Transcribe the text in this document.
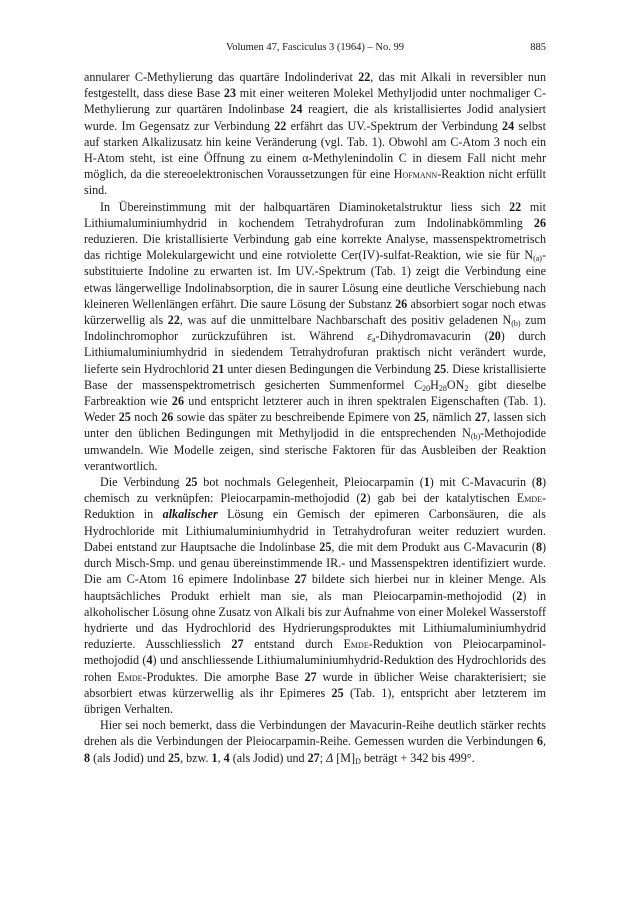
Volumen 47, Fasciculus 3 (1964) – No. 99	885

annularer C-Methylierung das quartäre Indolinderivat 22, das mit Alkali in reversibler nun festgestellt, dass diese Base 23 mit einer weiteren Molekel Methyljodid unter nochmaliger C-Methylierung zur quartären Indolinbase 24 reagiert, die als kristallisiertes Jodid analysiert wurde. Im Gegensatz zur Verbindung 22 erfährt das UV.-Spektrum der Verbindung 24 selbst auf starken Alkalizusatz hin keine Veränderung (vgl. Tab. 1). Obwohl am C-Atom 3 noch ein H-Atom steht, ist eine Öffnung zu einem α-Methylenindolin C in diesem Fall nicht mehr möglich, da die stereoelektronischen Voraussetzungen für eine Hofmann-Reaktion nicht erfüllt sind.

In Übereinstimmung mit der halbquartären Diaminoketalstruktur liess sich 22 mit Lithiumaluminiumhydrid in kochendem Tetrahydrofuran zum Indolinabkömmling 26 reduzieren. Die kristallisierte Verbindung gab eine korrekte Analyse, massenspektrometrisch das richtige Molekulargewicht und eine rotviolette Cer(IV)-sulfat-Reaktion, wie sie für $N_{(a)}$-substituierte Indoline zu erwarten ist. Im UV.-Spektrum (Tab. 1) zeigt die Verbindung eine etwas längerwellige Indolinabsorption, die in saurer Lösung eine deutliche Verschiebung nach kleineren Wellenlängen erfährt. Die saure Lösung der Substanz 26 absorbiert sogar noch etwas kürzerwellig als 22, was auf die unmittelbare Nachbarschaft des positiv geladenen $N_{(b)}$ zum Indolinchromophor zurückzuführen ist. Während $\varepsilon_a$-Dihydromavacurin (20) durch Lithiumaluminiumhydrid in siedendem Tetrahydrofuran praktisch nicht verändert wurde, lieferte sein Hydrochlorid 21 unter diesen Bedingungen die Verbindung 25. Diese kristallisierte Base der massenspektrometrisch gesicherten Summenformel $C_{20}H_{28}ON_2$ gibt dieselbe Farbreaktion wie 26 und entspricht letzterer auch in ihren spektralen Eigenschaften (Tab. 1). Weder 25 noch 26 sowie das später zu beschreibende Epimere von 25, nämlich 27, lassen sich unter den üblichen Bedingungen mit Methyljodid in die entsprechenden $N_{(b)}$-Methojodide umwandeln. Wie Modelle zeigen, sind sterische Faktoren für das Ausbleiben der Reaktion verantwortlich.

Die Verbindung 25 bot nochmals Gelegenheit, Pleiocarpamin (1) mit C-Mavacurin (8) chemisch zu verknüpfen: Pleiocarpamin-methojodid (2) gab bei der katalytischen Emde-Reduktion in alkalischer Lösung ein Gemisch der epimeren Carbonsäuren, die als Hydrochloride mit Lithiumaluminiumhydrid in Tetrahydrofuran weiter reduziert wurden. Dabei entstand zur Hauptsache die Indolinbase 25, die mit dem Produkt aus C-Mavacurin (8) durch Misch-Smp. und genau übereinstimmende IR.- und Massenspektren identifiziert wurde. Die am C-Atom 16 epimere Indolinbase 27 bildete sich hierbei nur in kleiner Menge. Als hauptsächliches Produkt erhielt man sie, als man Pleiocarpamin-methojodid (2) in alkoholischer Lösung ohne Zusatz von Alkali bis zur Aufnahme von einer Molekel Wasserstoff hydrierte und das Hydrochlorid des Hydrierungsproduktes mit Lithiumaluminiumhydrid reduzierte. Ausschliesslich 27 entstand durch Emde-Reduktion von Pleiocarpaminol-methojodid (4) und anschliessende Lithiumaluminiumhydrid-Reduktion des Hydrochlorids des rohen Emde-Produktes. Die amorphe Base 27 wurde in üblicher Weise charakterisiert; sie absorbiert etwas kürzerwellig als ihr Epimeres 25 (Tab. 1), entspricht aber letzterem im übrigen Verhalten.

Hier sei noch bemerkt, dass die Verbindungen der Mavacurin-Reihe deutlich stärker rechts drehen als die Verbindungen der Pleiocarpamin-Reihe. Gemessen wurden die Verbindungen 6, 8 (als Jodid) und 25, bzw. 1, 4 (als Jodid) und 27; Δ $[M]_D$ beträgt + 342 bis 499°.
